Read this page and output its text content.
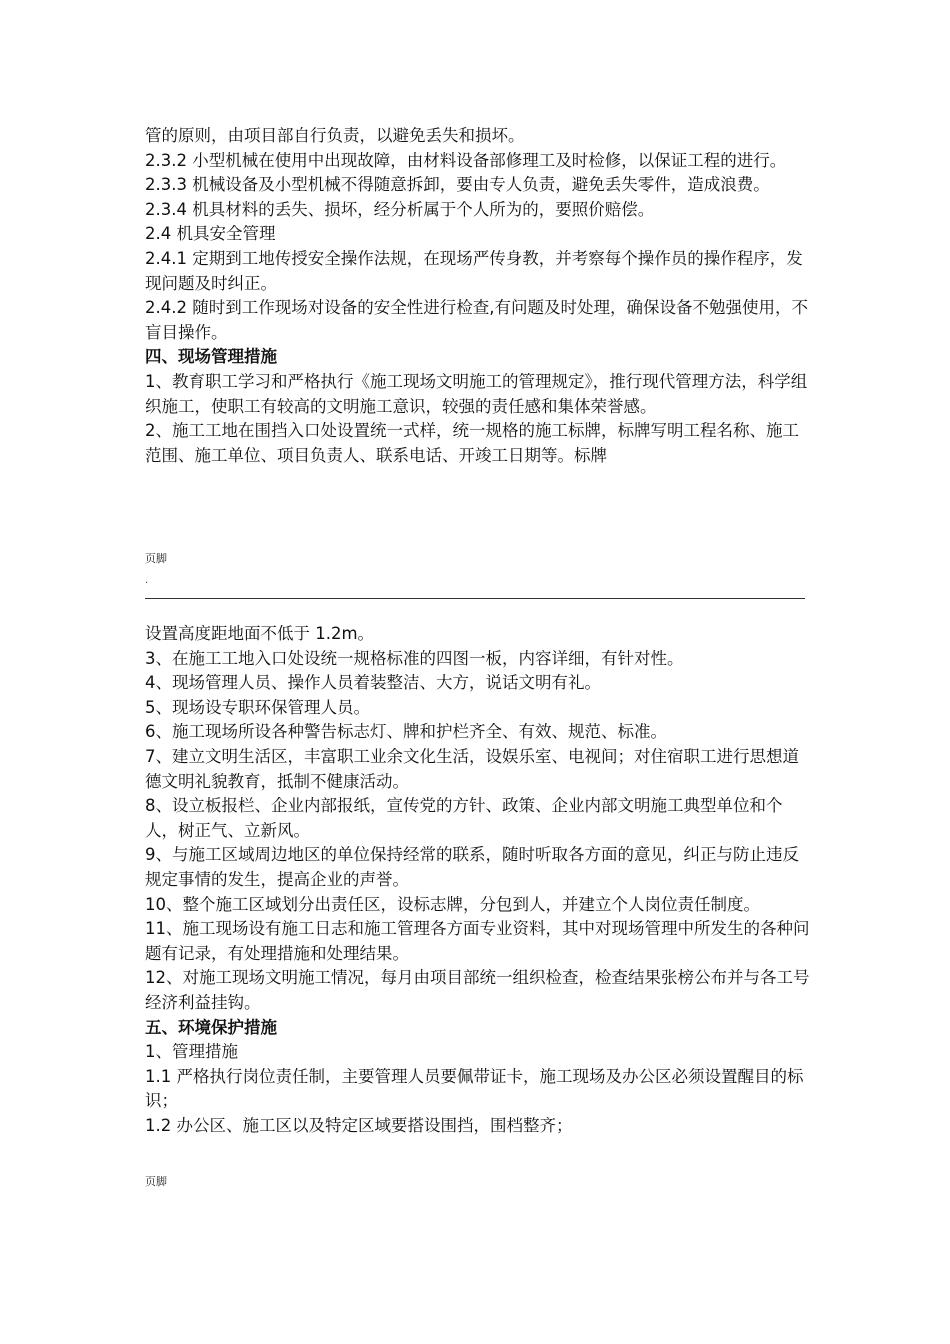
管的原则，由项目部自行负责，以避免丢失和损坏。

2.3.2 小型机械在使用中出现故障，由材料设备部修理工及时检修，以保证工程的进行。

2.3.3 机械设备及小型机械不得随意拆卸，要由专人负责，避免丢失零件，造成浪费。

2.3.4 机具材料的丢失、损坏，经分析属于个人所为的，要照价赔偿。

2.4 机具安全管理

2.4.1 定期到工地传授安全操作法规，在现场严传身教，并考察每个操作员的操作程序，发现问题及时纠正。

2.4.2 随时到工作现场对设备的安全性进行检查,有问题及时处理，确保设备不勉强使用，不盲目操作。

四、现场管理措施

1、教育职工学习和严格执行《施工现场文明施工的管理规定》，推行现代管理方法，科学组织施工，使职工有较高的文明施工意识，较强的责任感和集体荣誉感。

2、施工工地在围挡入口处设置统一式样，统一规格的施工标牌，标牌写明工程名称、施工范围、施工单位、项目负责人、联系电话、开竣工日期等。标牌

页脚
.

设置高度距地面不低于 1.2m。

3、在施工工地入口处设统一规格标准的四图一板，内容详细，有针对性。

4、现场管理人员、操作人员着装整洁、大方，说话文明有礼。

5、现场设专职环保管理人员。

6、施工现场所设各种警告标志灯、牌和护栏齐全、有效、规范、标准。

7、建立文明生活区，丰富职工业余文化生活，设娱乐室、电视间；对住宿职工进行思想道德文明礼貌教育，抵制不健康活动。

8、设立板报栏、企业内部报纸，宣传党的方针、政策、企业内部文明施工典型单位和个人，树正气、立新风。

9、与施工区域周边地区的单位保持经常的联系，随时听取各方面的意见，纠正与防止违反规定事情的发生，提高企业的声誉。

10、整个施工区域划分出责任区，设标志牌，分包到人，并建立个人岗位责任制度。

11、施工现场设有施工日志和施工管理各方面专业资料，其中对现场管理中所发生的各种问题有记录，有处理措施和处理结果。

12、对施工现场文明施工情况，每月由项目部统一组织检查，检查结果张榜公布并与各工号经济利益挂钩。

五、环境保护措施

1、管理措施

1.1 严格执行岗位责任制，主要管理人员要佩带证卡，施工现场及办公区必须设置醒目的标识；

1.2 办公区、施工区以及特定区域要搭设围挡，围档整齐；

页脚
